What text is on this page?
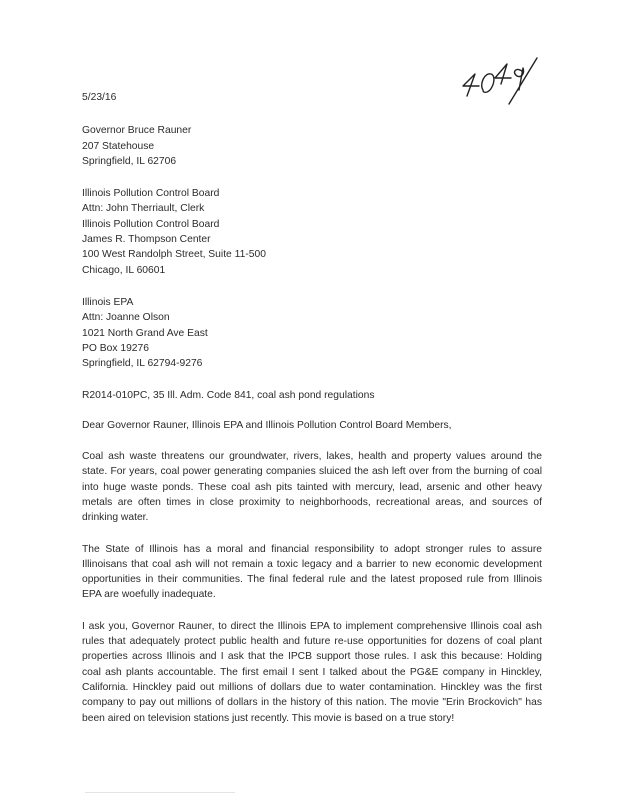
5/23/16
Governor Bruce Rauner
207 Statehouse
Springfield, IL 62706
Illinois Pollution Control Board
Attn: John Therriault, Clerk
Illinois Pollution Control Board
James R. Thompson Center
100 West Randolph Street, Suite 11-500
Chicago, IL 60601
Illinois EPA
Attn: Joanne Olson
1021 North Grand Ave East
PO Box 19276
Springfield, IL 62794-9276
R2014-010PC, 35 Ill. Adm. Code 841, coal ash pond regulations
Dear Governor Rauner, Illinois EPA and Illinois Pollution Control Board Members,

Coal ash waste threatens our groundwater, rivers, lakes, health and property values around the state. For years, coal power generating companies sluiced the ash left over from the burning of coal into huge waste ponds. These coal ash pits tainted with mercury, lead, arsenic and other heavy metals are often times in close proximity to neighborhoods, recreational areas, and sources of drinking water.

The State of Illinois has a moral and financial responsibility to adopt stronger rules to assure Illinoisans that coal ash will not remain a toxic legacy and a barrier to new economic development opportunities in their communities. The final federal rule and the latest proposed rule from Illinois EPA are woefully inadequate.

I ask you, Governor Rauner, to direct the Illinois EPA to implement comprehensive Illinois coal ash rules that adequately protect public health and future re-use opportunities for dozens of coal plant properties across Illinois and I ask that the IPCB support those rules. I ask this because: Holding coal ash plants accountable. The first email I sent I talked about the PG&E company in Hinckley, California. Hinckley paid out millions of dollars due to water contamination. Hinckley was the first company to pay out millions of dollars in the history of this nation. The movie "Erin Brockovich" has been aired on television stations just recently. This movie is based on a true story!
